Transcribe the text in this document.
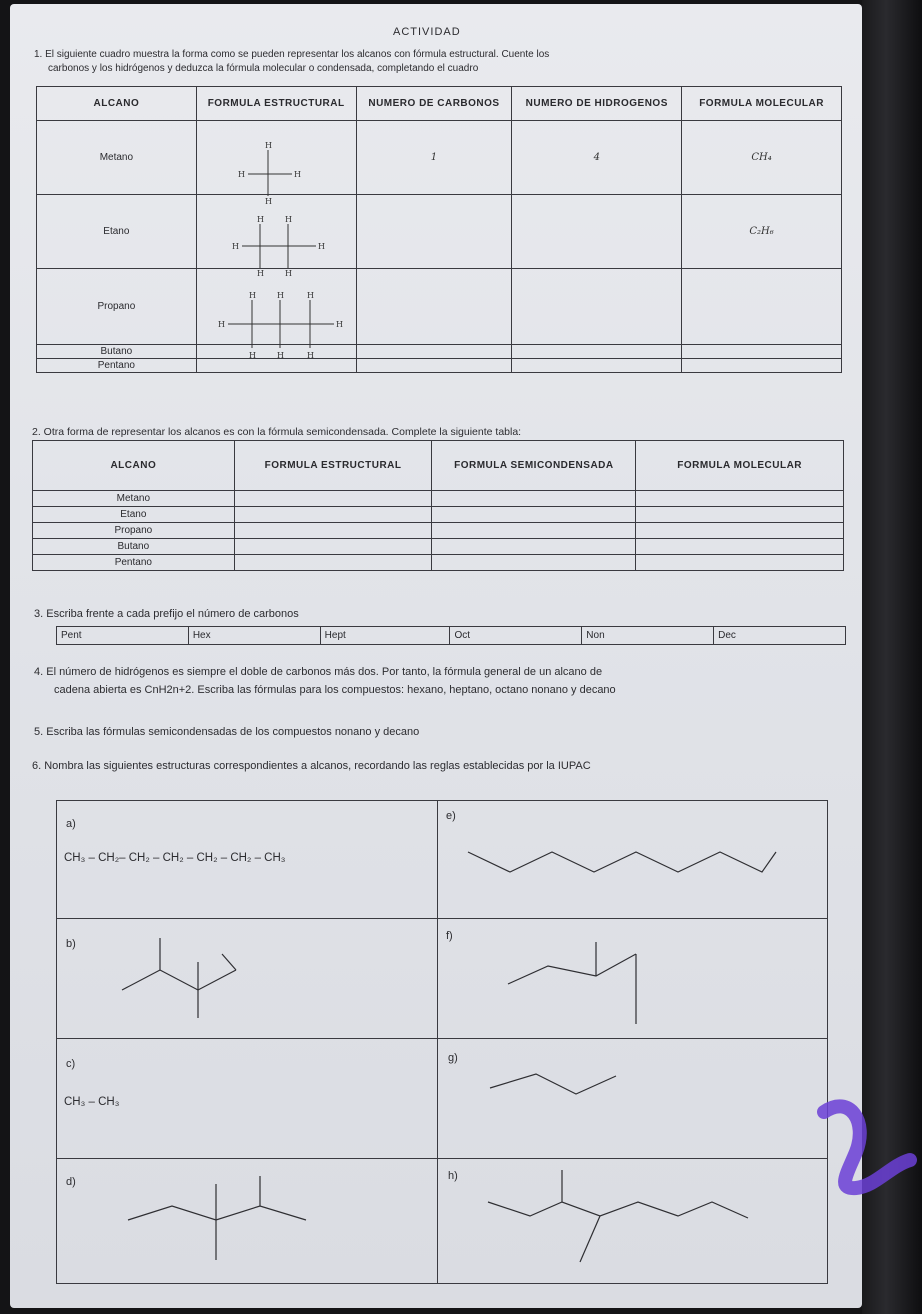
ACTIVIDAD
1. El siguiente cuadro muestra la forma como se pueden representar los alcanos con fórmula estructural. Cuente los
carbonos y los hidrógenos y deduzca la fórmula molecular o condensada, completando el cuadro
ALCANO	FORMULA ESTRUCTURAL	NUMERO DE CARBONOS	NUMERO DE HIDROGENOS	FORMULA MOLECULAR
Metano		1	4	CH₄
Etano				C₂H₆
Propano				
Butano				
Pentano				
H
H	H
H
H	H
H	H
H	H
H	H	H
H	H
H	H	H
2. Otra forma de representar los alcanos es con la fórmula semicondensada. Complete la siguiente tabla:
ALCANO	FORMULA ESTRUCTURAL	FORMULA SEMICONDENSADA	FORMULA MOLECULAR
Metano			
Etano			
Propano			
Butano			
Pentano			
3. Escriba frente a cada prefijo el número de carbonos
Pent	Hex	Hept	Oct	Non	Dec
4. El número de hidrógenos es siempre el doble de carbonos más dos. Por tanto, la fórmula general de un alcano de
cadena abierta es CnH2n+2. Escriba las fórmulas para los compuestos: hexano, heptano, octano nonano y decano
5. Escriba las fórmulas semicondensadas de los compuestos nonano y decano
6. Nombra las siguientes estructuras correspondientes a alcanos, recordando las reglas establecidas por la IUPAC
a)
CH₃ – CH₂– CH₂ – CH₂ – CH₂ – CH₂ – CH₃
e)
b)
f)
c)
CH₃ – CH₃
g)
d)	h)
